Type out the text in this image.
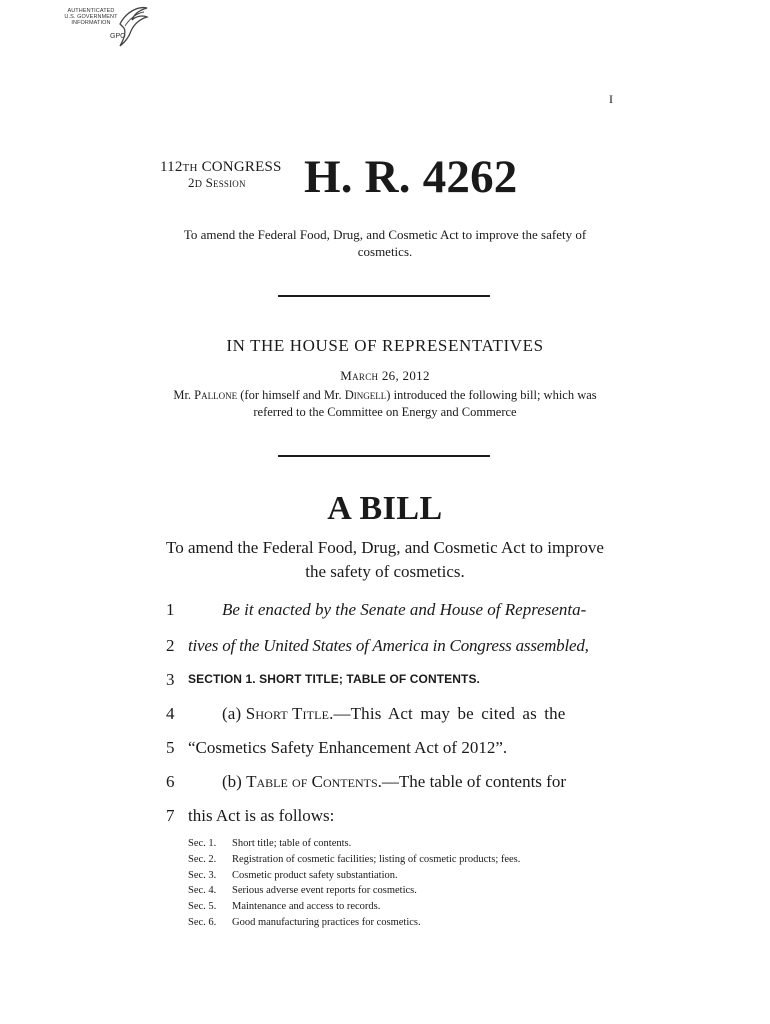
AUTHENTICATED
U.S. GOVERNMENT
INFORMATION
GPO
I
112TH CONGRESS
2D Session H. R. 4262
To amend the Federal Food, Drug, and Cosmetic Act to improve the safety of cosmetics.
IN THE HOUSE OF REPRESENTATIVES
March 26, 2012
Mr. Pallone (for himself and Mr. Dingell) introduced the following bill; which was referred to the Committee on Energy and Commerce
A BILL
To amend the Federal Food, Drug, and Cosmetic Act to improve the safety of cosmetics.
1	Be it enacted by the Senate and House of Representa-
2 tives of the United States of America in Congress assembled,
3	SECTION 1. SHORT TITLE; TABLE OF CONTENTS.
4	(a) Short Title.—This Act may be cited as the
5 “Cosmetics Safety Enhancement Act of 2012”.
6	(b) Table of Contents.—The table of contents for
7 this Act is as follows:
Sec. 1. Short title; table of contents.
Sec. 2. Registration of cosmetic facilities; listing of cosmetic products; fees.
Sec. 3. Cosmetic product safety substantiation.
Sec. 4. Serious adverse event reports for cosmetics.
Sec. 5. Maintenance and access to records.
Sec. 6. Good manufacturing practices for cosmetics.
